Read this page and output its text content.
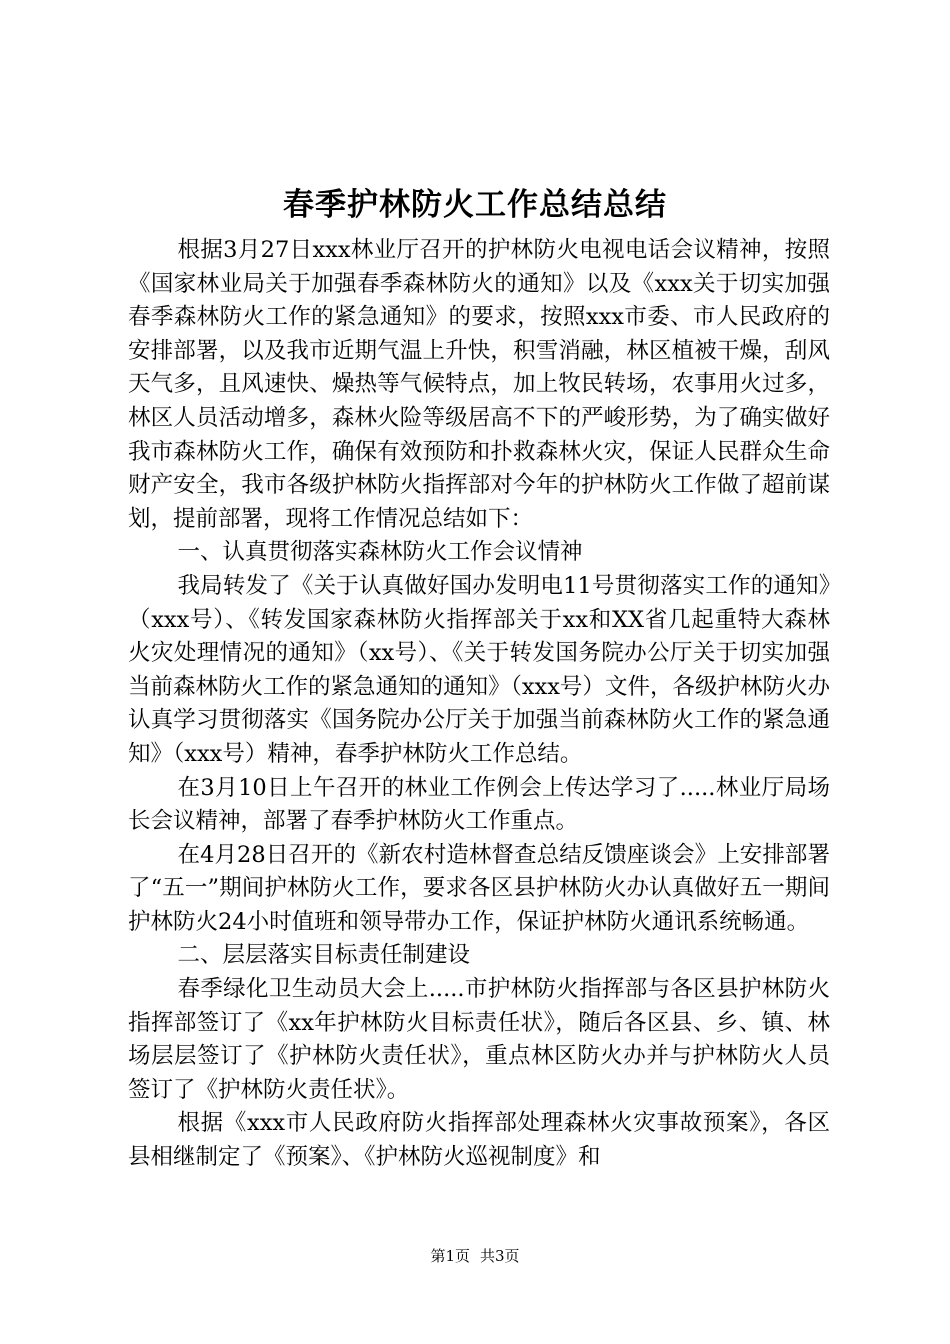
春季护林防火工作总结总结

根据3月27日xxx林业厅召开的护林防火电视电话会议精神，按照《国家林业局关于加强春季森林防火的通知》以及《xxx关于切实加强春季森林防火工作的紧急通知》的要求，按照xxx市委、市人民政府的安排部署，以及我市近期气温上升快，积雪消融，林区植被干燥，刮风天气多，且风速快、燥热等气候特点，加上牧民转场，农事用火过多，林区人员活动增多，森林火险等级居高不下的严峻形势，为了确实做好我市森林防火工作，确保有效预防和扑救森林火灾，保证人民群众生命财产安全，我市各级护林防火指挥部对今年的护林防火工作做了超前谋划，提前部署，现将工作情况总结如下：

一、认真贯彻落实森林防火工作会议情神

我局转发了《关于认真做好国办发明电11号贯彻落实工作的通知》（xxx号）、《转发国家森林防火指挥部关于xx和XX省几起重特大森林火灾处理情况的通知》（xx号）、《关于转发国务院办公厅关于切实加强当前森林防火工作的紧急通知的通知》（xxx号）文件，各级护林防火办认真学习贯彻落实《国务院办公厅关于加强当前森林防火工作的紧急通知》（xxx号）精神，春季护林防火工作总结。

在3月10日上午召开的林业工作例会上传达学习了.....林业厅局场长会议精神，部署了春季护林防火工作重点。

在4月28日召开的《新农村造林督查总结反馈座谈会》上安排部署了“五一”期间护林防火工作，要求各区县护林防火办认真做好五一期间护林防火24小时值班和领导带办工作，保证护林防火通讯系统畅通。

二、层层落实目标责任制建设

春季绿化卫生动员大会上.....市护林防火指挥部与各区县护林防火指挥部签订了《xx年护林防火目标责任状》，随后各区县、乡、镇、林场层层签订了《护林防火责任状》，重点林区防火办并与护林防火人员签订了《护林防火责任状》。

根据《xxx市人民政府防火指挥部处理森林火灾事故预案》，各区县相继制定了《预案》、《护林防火巡视制度》和

第1页 共3页
